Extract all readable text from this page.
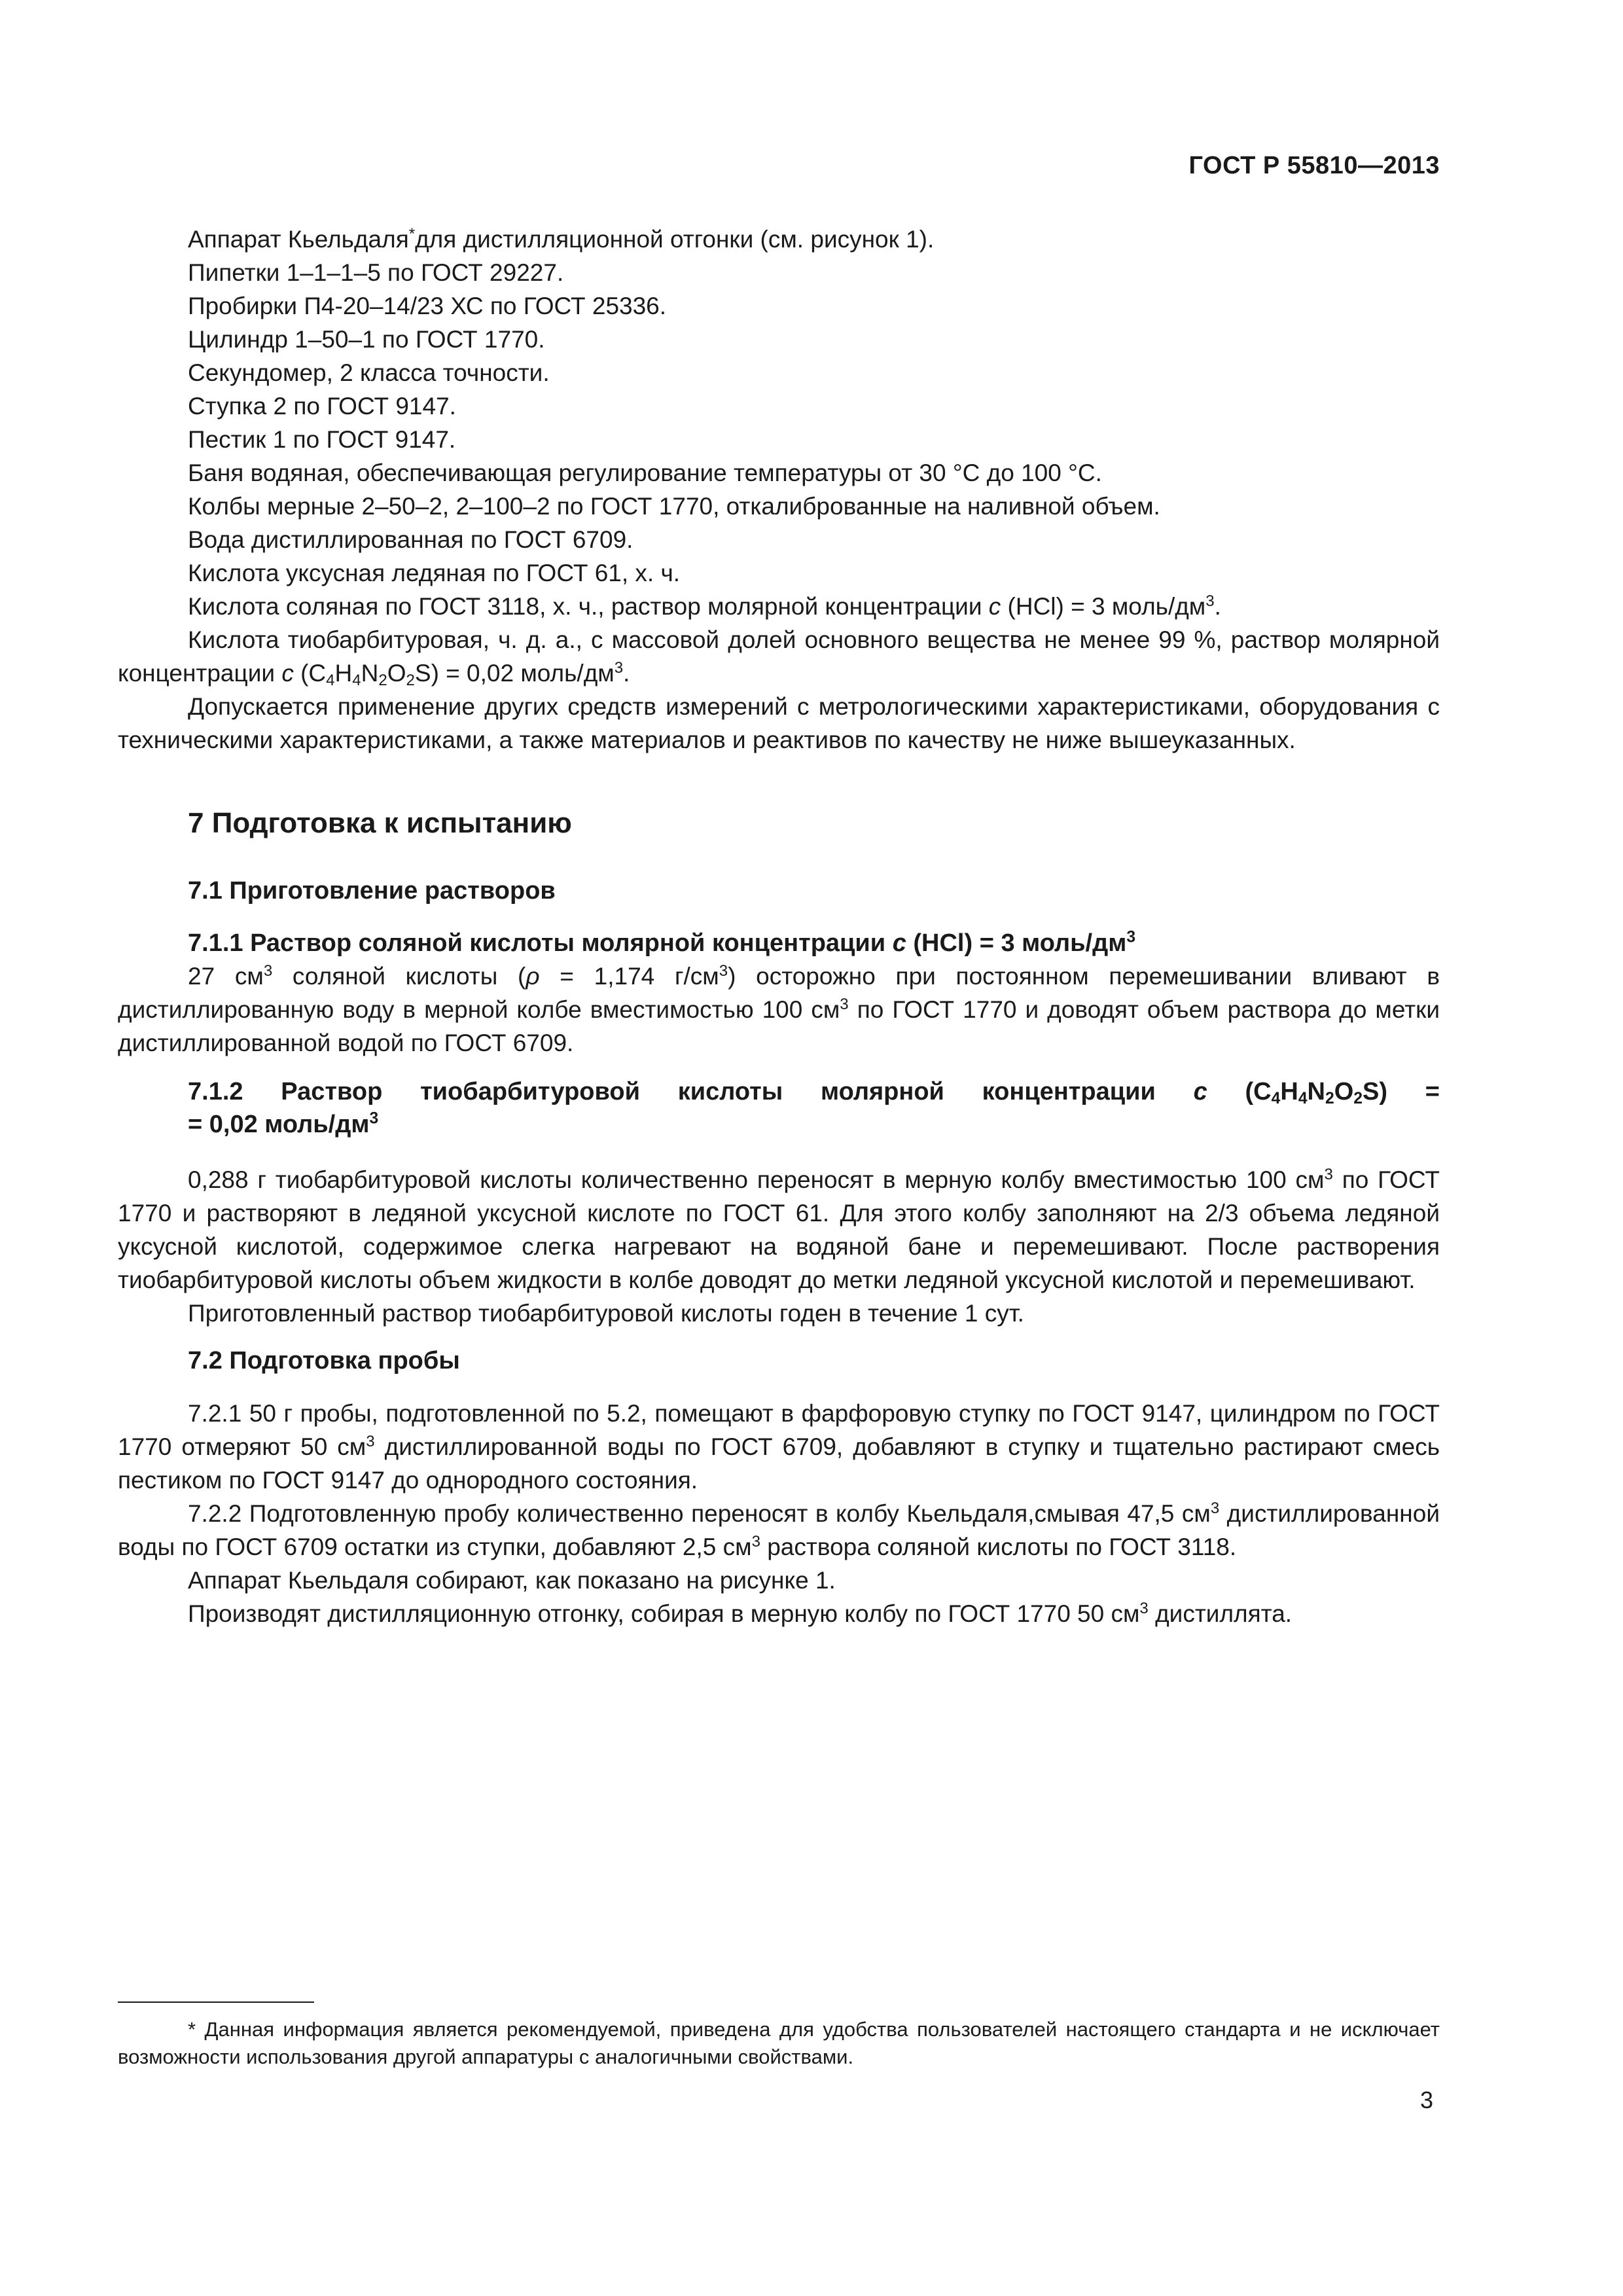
ГОСТ Р 55810—2013

Аппарат Кьельдаля*для дистилляционной отгонки (см. рисунок 1).

Пипетки 1–1–1–5 по ГОСТ 29227.

Пробирки П4-20–14/23 ХС по ГОСТ 25336.

Цилиндр 1–50–1 по ГОСТ 1770.

Секундомер, 2 класса точности.

Ступка 2 по ГОСТ 9147.

Пестик 1 по ГОСТ 9147.

Баня водяная, обеспечивающая регулирование температуры от 30 °С до 100 °С.

Колбы мерные 2–50–2, 2–100–2 по ГОСТ 1770, откалиброванные на наливной объем.

Вода дистиллированная по ГОСТ 6709.

Кислота уксусная ледяная по ГОСТ 61, х. ч.

Кислота соляная по ГОСТ 3118, х. ч., раствор молярной концентрации с (HCl) = 3 моль/$дм^3$.

Кислота тиобарбитуровая, ч. д. а., с массовой долей основного вещества не менее 99 %, раствор молярной концентрации с $(C_4H_4N_2O_2S) = 0,02$ моль/$дм^3$.

Допускается применение других средств измерений с метрологическими характеристиками, оборудования с техническими характеристиками, а также материалов и реактивов по качеству не ниже вышеуказанных.

7 Подготовка к испытанию
7.1 Приготовление растворов
7.1.1 Раствор соляной кислоты молярной концентрации с (HCl) = 3 моль/$дм^3$

27 $см^3$ соляной кислоты (ρ = 1,174 $г/см^3$) осторожно при постоянном перемешивании вливают в дистиллированную воду в мерной колбе вместимостью 100 $см^3$ по ГОСТ 1770 и доводят объем раствора до метки дистиллированной водой по ГОСТ 6709.

7.1.2 Раствор тиобарбитуровой кислоты молярной концентрации с $(C_4H_4N_2O_2S)$ =
= 0,02 моль/$дм^3$

0,288 г тиобарбитуровой кислоты количественно переносят в мерную колбу вместимостью 100 $см^3$ по ГОСТ 1770 и растворяют в ледяной уксусной кислоте по ГОСТ 61. Для этого колбу заполняют на 2/3 объема ледяной уксусной кислотой, содержимое слегка нагревают на водяной бане и перемешивают. После растворения тиобарбитуровой кислоты объем жидкости в колбе доводят до метки ледяной уксусной кислотой и перемешивают.

Приготовленный раствор тиобарбитуровой кислоты годен в течение 1 сут.

7.2 Подготовка пробы

7.2.1 50 г пробы, подготовленной по 5.2, помещают в фарфоровую ступку по ГОСТ 9147, цилиндром по ГОСТ 1770 отмеряют 50 $см^3$ дистиллированной воды по ГОСТ 6709, добавляют в ступку и тщательно растирают смесь пестиком по ГОСТ 9147 до однородного состояния.

7.2.2 Подготовленную пробу количественно переносят в колбу Кьельдаля,смывая 47,5 $см^3$ дистиллированной воды по ГОСТ 6709 остатки из ступки, добавляют 2,5 $см^3$ раствора соляной кислоты по ГОСТ 3118.

Аппарат Кьельдаля собирают, как показано на рисунке 1.

Производят дистилляционную отгонку, собирая в мерную колбу по ГОСТ 1770 50 $см^3$ дистиллята.

* Данная информация является рекомендуемой, приведена для удобства пользователей настоящего стандарта и не исключает возможности использования другой аппаратуры с аналогичными свойствами.

3
